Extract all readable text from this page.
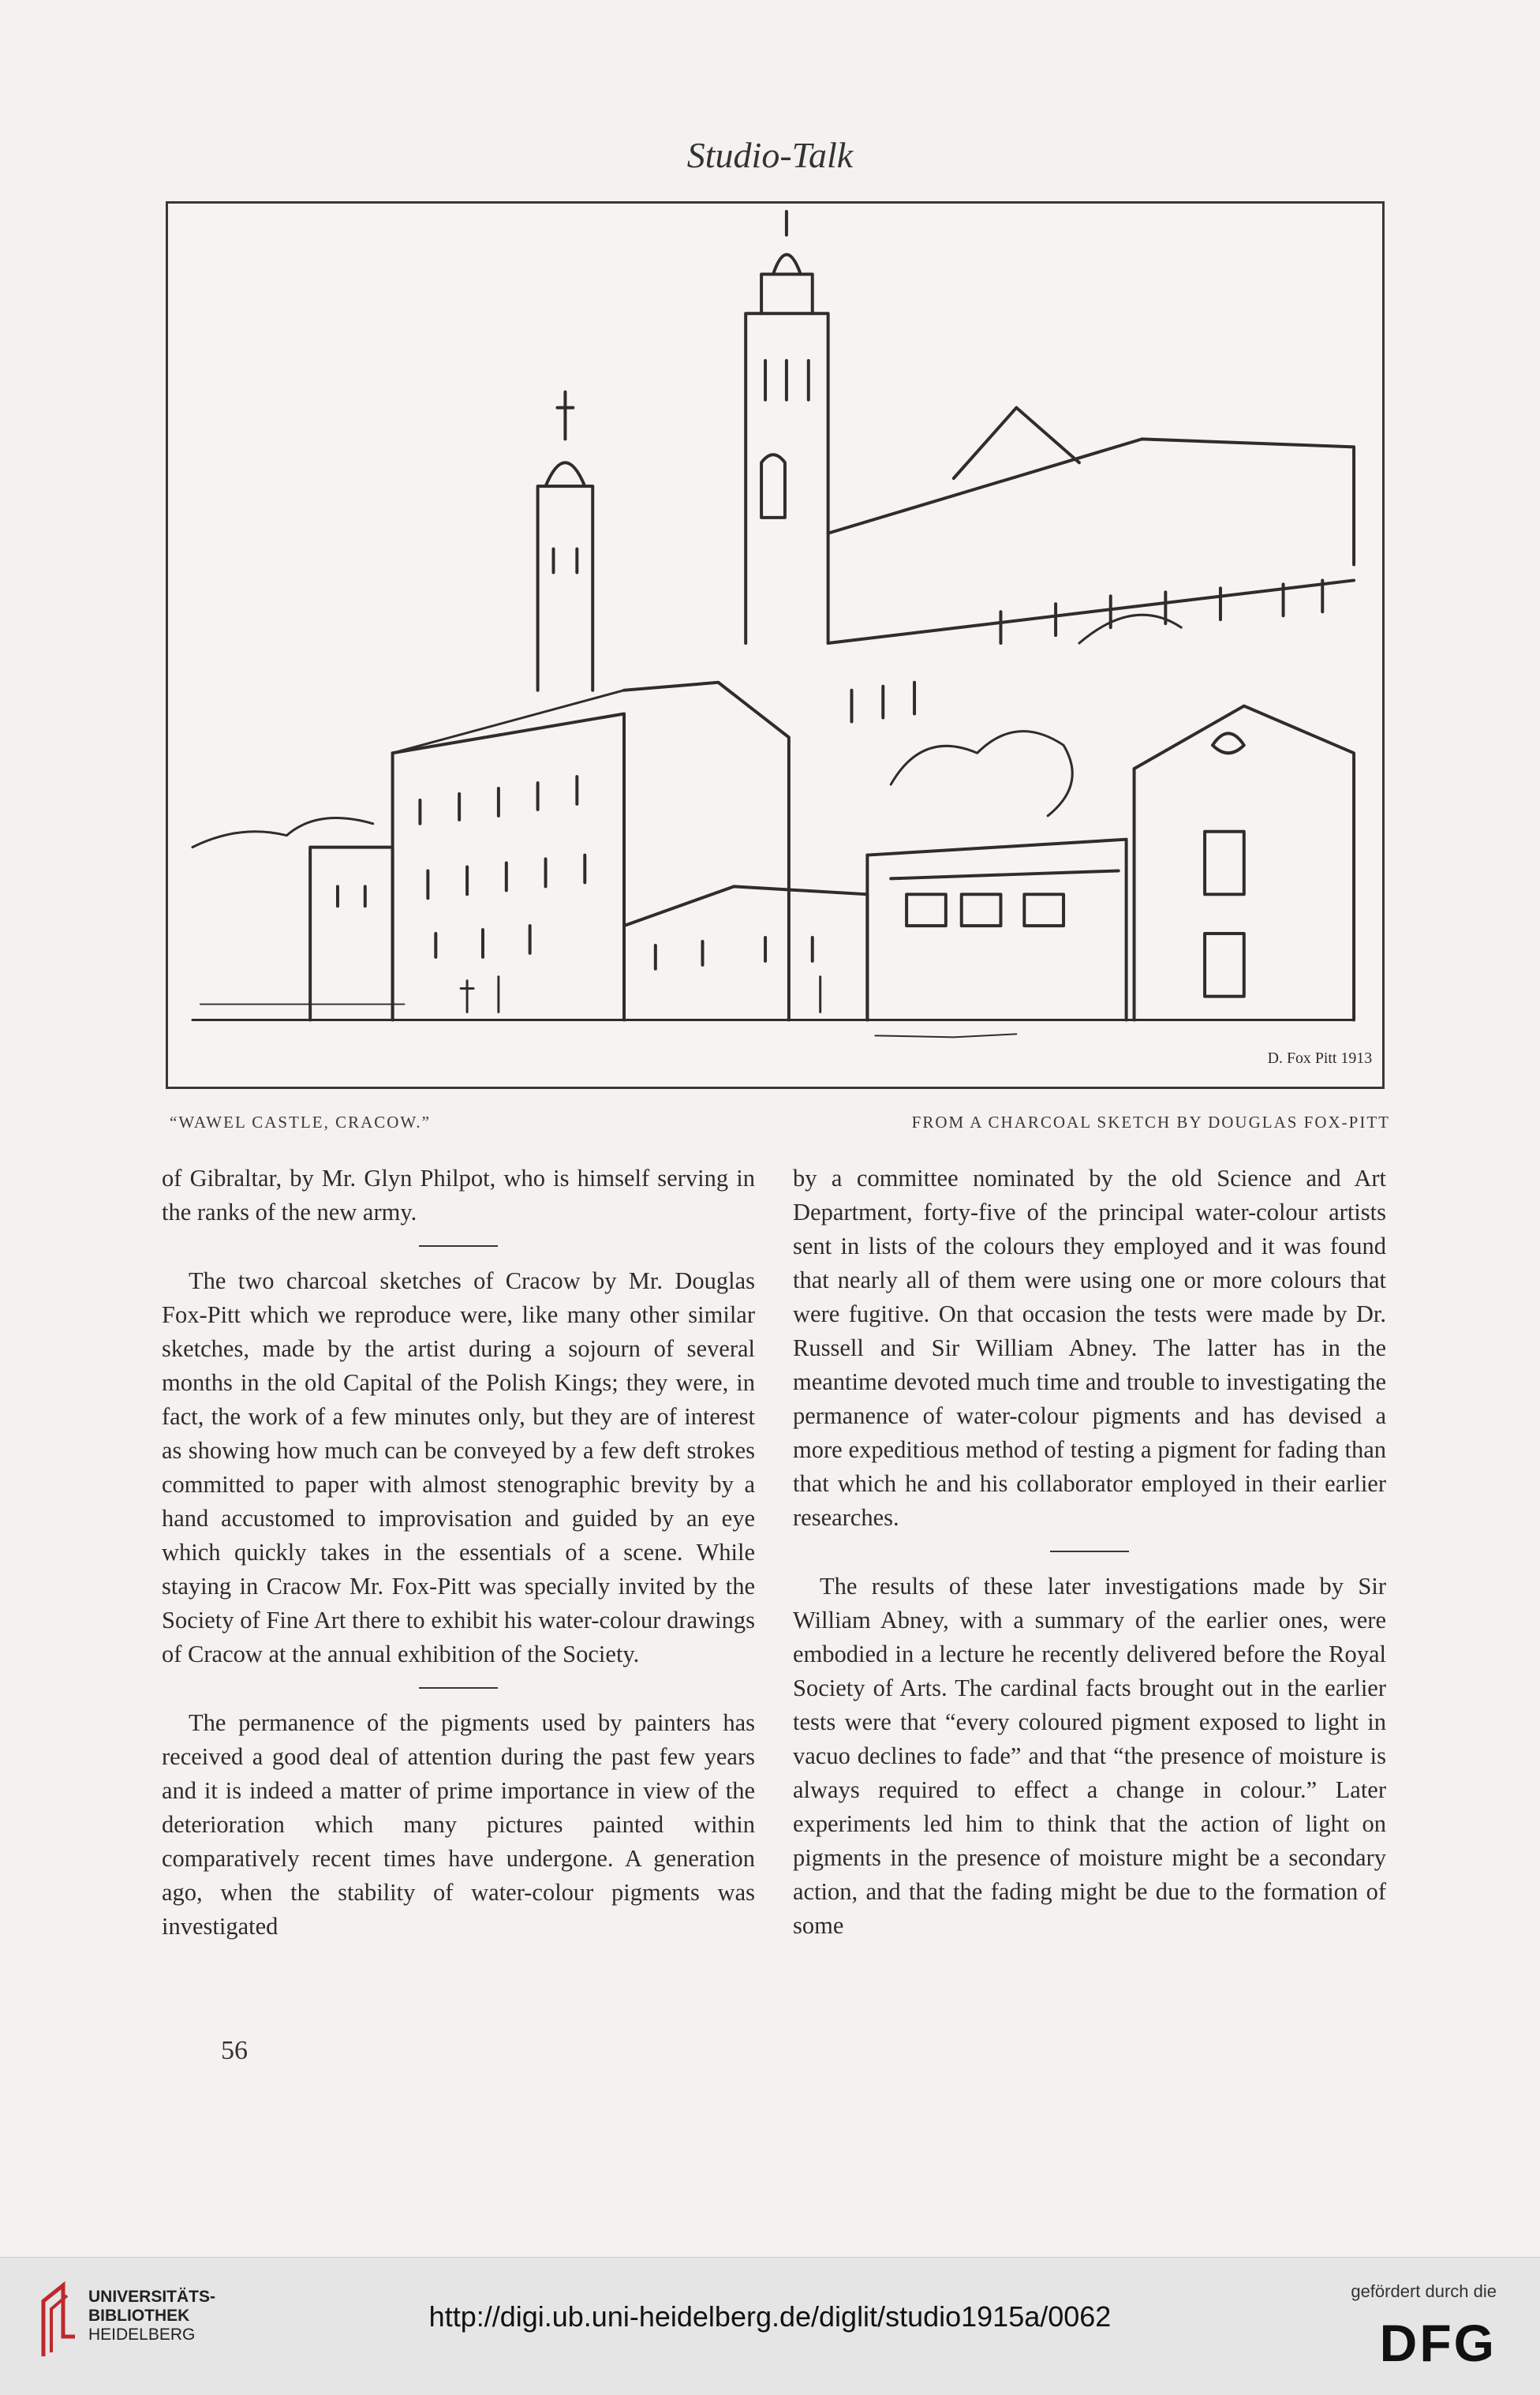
Studio-Talk
D. Fox Pitt 1913
“WAWEL CASTLE, CRACOW.”	FROM A CHARCOAL SKETCH BY DOUGLAS FOX-PITT

of Gibraltar, by Mr. Glyn Philpot, who is himself serving in the ranks of the new army.

The two charcoal sketches of Cracow by Mr. Douglas Fox-Pitt which we reproduce were, like many other similar sketches, made by the artist during a sojourn of several months in the old Capital of the Polish Kings; they were, in fact, the work of a few minutes only, but they are of interest as showing how much can be conveyed by a few deft strokes committed to paper with almost stenographic brevity by a hand accustomed to improvisation and guided by an eye which quickly takes in the essentials of a scene. While staying in Cracow Mr. Fox-Pitt was specially invited by the Society of Fine Art there to exhibit his water-colour drawings of Cracow at the annual exhibition of the Society.

The permanence of the pigments used by painters has received a good deal of attention during the past few years and it is indeed a matter of prime importance in view of the deterioration which many pictures painted within comparatively recent times have undergone. A generation ago, when the stability of water-colour pigments was investigated

by a committee nominated by the old Science and Art Department, forty-five of the principal water-colour artists sent in lists of the colours they employed and it was found that nearly all of them were using one or more colours that were fugitive. On that occasion the tests were made by Dr. Russell and Sir William Abney. The latter has in the meantime devoted much time and trouble to investigating the permanence of water-colour pigments and has devised a more expeditious method of testing a pigment for fading than that which he and his collaborator employed in their earlier researches.

The results of these later investigations made by Sir William Abney, with a summary of the earlier ones, were embodied in a lecture he recently delivered before the Royal Society of Arts. The cardinal facts brought out in the earlier tests were that “every coloured pigment exposed to light in vacuo declines to fade” and that “the presence of moisture is always required to effect a change in colour.” Later experiments led him to think that the action of light on pigments in the presence of moisture might be a secondary action, and that the fading might be due to the formation of some

56
UNIVERSITÄTS-
BIBLIOTHEK
HEIDELBERG
http://digi.ub.uni-heidelberg.de/diglit/studio1915a/0062
gefördert durch die
DFG
